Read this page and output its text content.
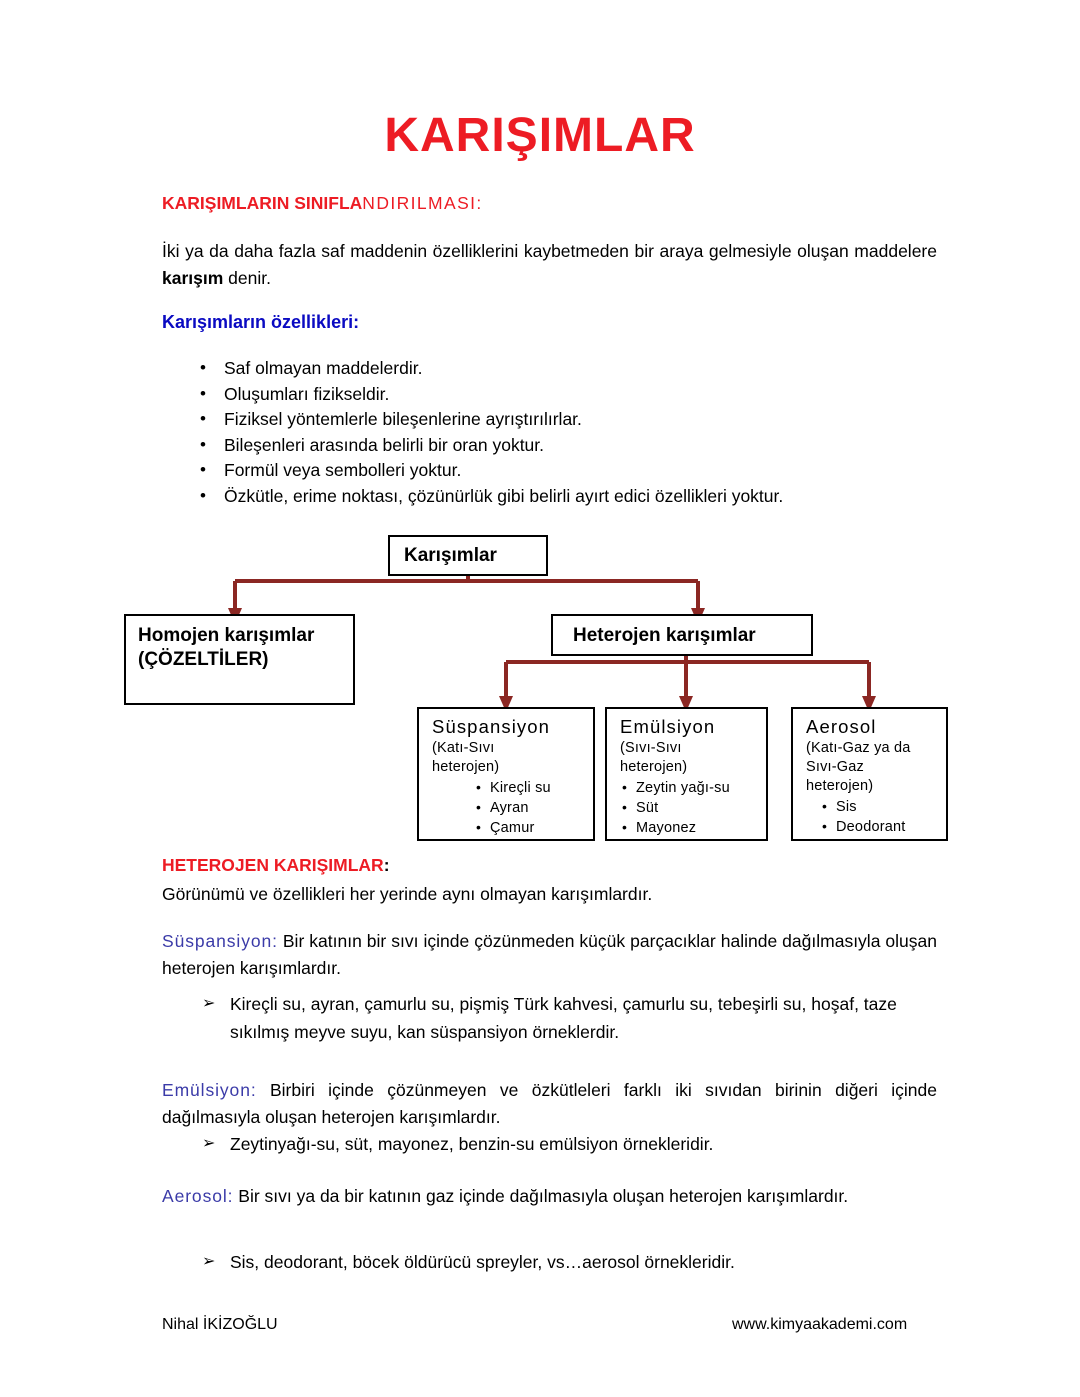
KARIŞIMLAR
KARIŞIMLARIN SINIFLANDIRILMASI:
İki ya da daha fazla saf maddenin özelliklerini kaybetmeden bir araya gelmesiyle oluşan maddelere karışım denir.
Karışımların özellikleri:
• Saf olmayan maddelerdir.
• Oluşumları fizikseldir.
• Fiziksel yöntemlerle bileşenlerine ayrıştırılırlar.
• Bileşenleri arasında belirli bir oran yoktur.
• Formül veya sembolleri yoktur.
• Özkütle, erime noktası, çözünürlük gibi belirli ayırt edici özellikleri yoktur.
Karışımlar
Homojen karışımlar
(ÇÖZELTİLER)
Heterojen karışımlar
Süspansiyon
(Katı-Sıvı heterojen)
• Kireçli su
• Ayran
• Çamur
Emülsiyon
(Sıvı-Sıvı heterojen)
• Zeytin yağı-su
• Süt
• Mayonez
Aerosol
(Katı-Gaz ya da Sıvı-Gaz heterojen)
• Sis
• Deodorant
HETEROJEN KARIŞIMLAR:
Görünümü ve özellikleri her yerinde aynı olmayan karışımlardır.
Süspansiyon: Bir katının bir sıvı içinde çözünmeden küçük parçacıklar halinde dağılmasıyla oluşan heterojen karışımlardır.
➢ Kireçli su, ayran, çamurlu su, pişmiş Türk kahvesi, çamurlu su, tebeşirli su, hoşaf, taze sıkılmış meyve suyu, kan süspansiyon örneklerdir.
Emülsiyon: Birbiri içinde çözünmeyen ve özkütleleri farklı iki sıvıdan birinin diğeri içinde dağılmasıyla oluşan heterojen karışımlardır.
➢ Zeytinyağı-su, süt, mayonez, benzin-su emülsiyon örnekleridir.
Aerosol: Bir sıvı ya da bir katının gaz içinde dağılmasıyla oluşan heterojen karışımlardır.
➢ Sis, deodorant, böcek öldürücü spreyler, vs…aerosol örnekleridir.
Nihal İKİZOĞLU	www.kimyaakademi.com
